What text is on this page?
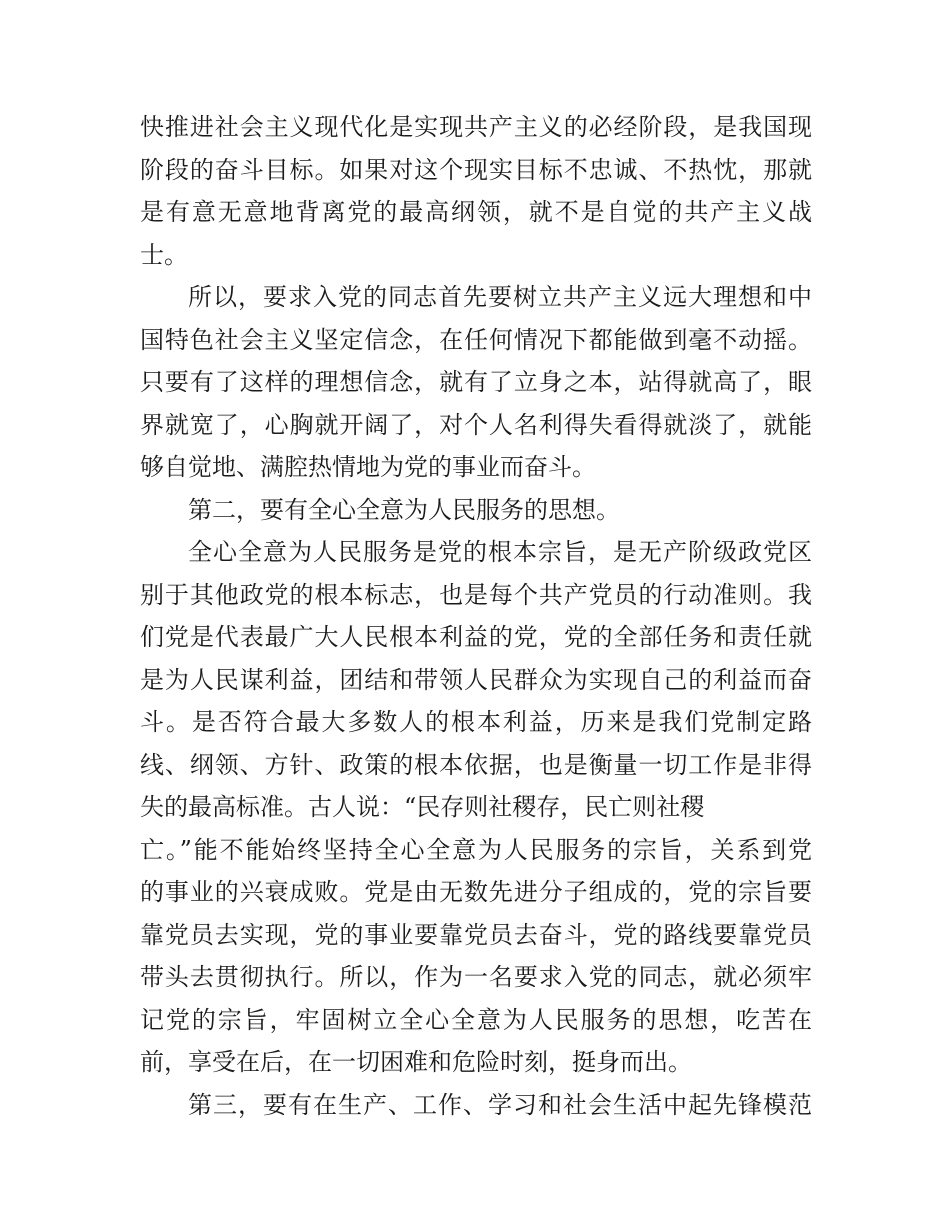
快推进社会主义现代化是实现共产主义的必经阶段，是我国现
阶段的奋斗目标。如果对这个现实目标不忠诚、不热忱，那就
是有意无意地背离党的最高纲领，就不是自觉的共产主义战
士。
所以，要求入党的同志首先要树立共产主义远大理想和中
国特色社会主义坚定信念，在任何情况下都能做到毫不动摇。
只要有了这样的理想信念，就有了立身之本，站得就高了，眼
界就宽了，心胸就开阔了，对个人名利得失看得就淡了，就能
够自觉地、满腔热情地为党的事业而奋斗。
第二，要有全心全意为人民服务的思想。
全心全意为人民服务是党的根本宗旨，是无产阶级政党区
别于其他政党的根本标志，也是每个共产党员的行动准则。我
们党是代表最广大人民根本利益的党，党的全部任务和责任就
是为人民谋利益，团结和带领人民群众为实现自己的利益而奋
斗。是否符合最大多数人的根本利益，历来是我们党制定路
线、纲领、方针、政策的根本依据，也是衡量一切工作是非得
失的最高标准。古人说：“民存则社稷存，民亡则社稷
亡。”能不能始终坚持全心全意为人民服务的宗旨，关系到党
的事业的兴衰成败。党是由无数先进分子组成的，党的宗旨要
靠党员去实现，党的事业要靠党员去奋斗，党的路线要靠党员
带头去贯彻执行。所以，作为一名要求入党的同志，就必须牢
记党的宗旨，牢固树立全心全意为人民服务的思想，吃苦在
前，享受在后，在一切困难和危险时刻，挺身而出。
第三，要有在生产、工作、学习和社会生活中起先锋模范
